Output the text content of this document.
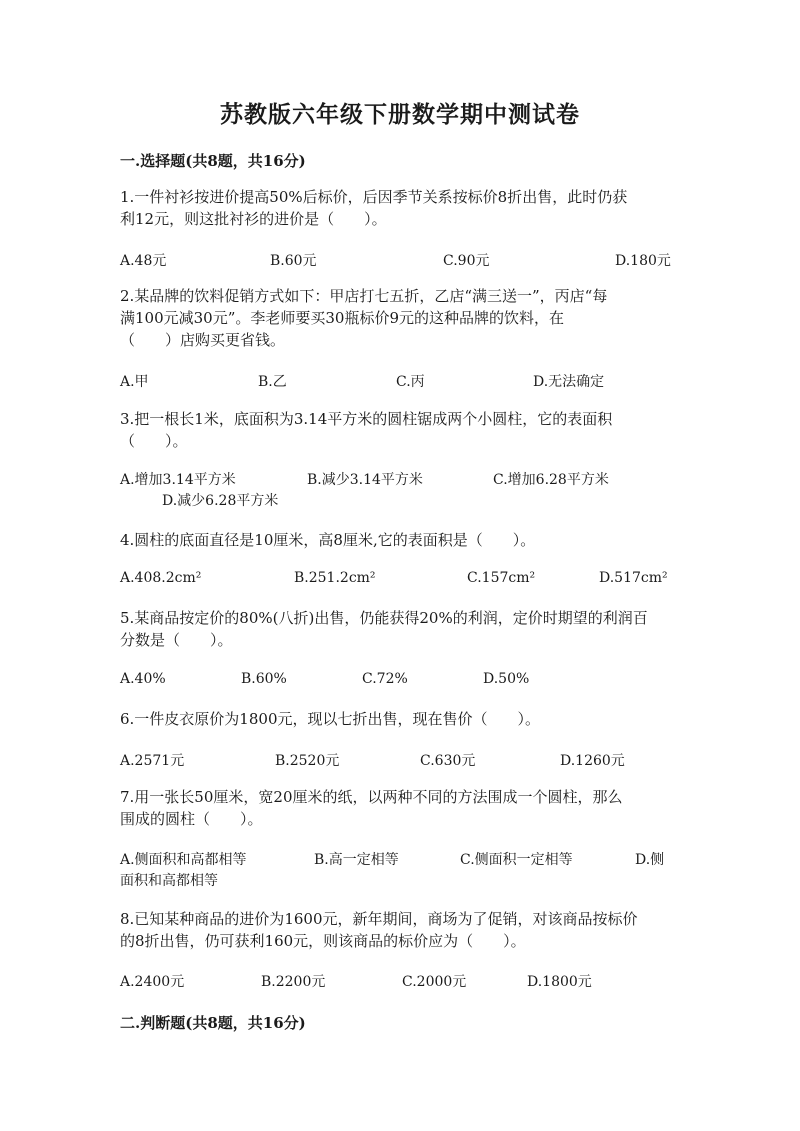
苏教版六年级下册数学期中测试卷
一.选择题(共8题，共16分)
1.一件衬衫按进价提高50%后标价，后因季节关系按标价8折出售，此时仍获
利12元，则这批衬衫的进价是（　　）。
A.48元	B.60元	C.90元	D.180元
2.某品牌的饮料促销方式如下：甲店打七五折，乙店“满三送一”，丙店“每
满100元减30元”。李老师要买30瓶标价9元的这种品牌的饮料，在
（　　）店购买更省钱。
A.甲	B.乙	C.丙	D.无法确定
3.把一根长1米，底面积为3.14平方米的圆柱锯成两个小圆柱，它的表面积
（　　）。
A.增加3.14平方米	B.减少3.14平方米	C.增加6.28平方米
D.减少6.28平方米
4.圆柱的底面直径是10厘米，高8厘米,它的表面积是（　　）。
A.408.2cm²	B.251.2cm²	C.157cm²	D.517cm²
5.某商品按定价的80%(八折)出售，仍能获得20%的利润，定价时期望的利润百
分数是（　　）。
A.40%	B.60%	C.72%	D.50%
6.一件皮衣原价为1800元，现以七折出售，现在售价（　　）。
A.2571元	B.2520元	C.630元	D.1260元
7.用一张长50厘米，宽20厘米的纸，以两种不同的方法围成一个圆柱，那么
围成的圆柱（　　）。
A.侧面积和高都相等	B.高一定相等	C.侧面积一定相等	D.侧
面积和高都相等
8.已知某种商品的进价为1600元，新年期间，商场为了促销，对该商品按标价
的8折出售，仍可获利160元，则该商品的标价应为（　　）。
A.2400元	B.2200元	C.2000元	D.1800元
二.判断题(共8题，共16分)
